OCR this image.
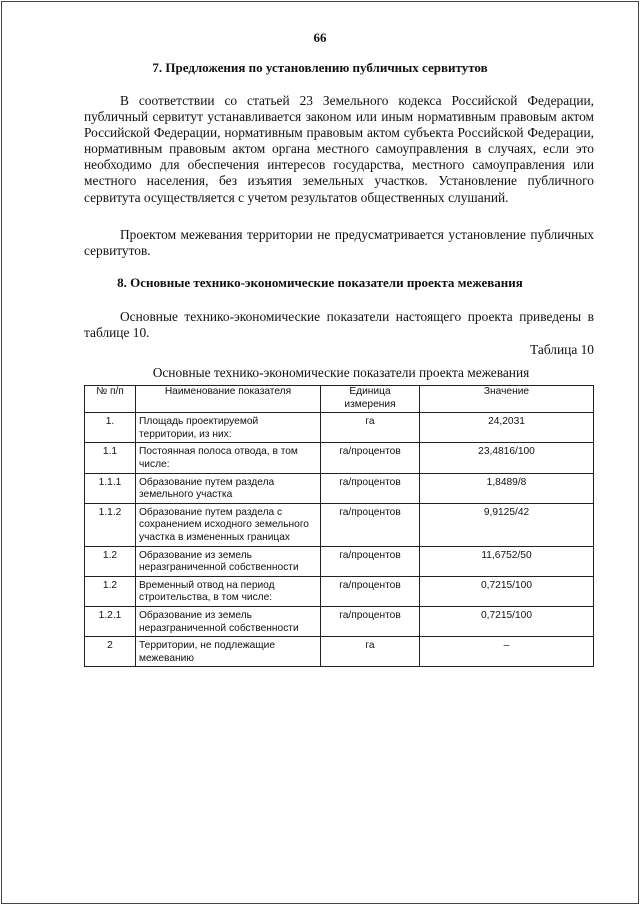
66
7. Предложения по установлению публичных сервитутов

В соответствии со статьей 23 Земельного кодекса Российской Федерации, публичный сервитут устанавливается законом или иным нормативным правовым актом Российской Федерации, нормативным правовым актом субъекта Российской Федерации, нормативным правовым актом органа местного самоуправления в случаях, если это необходимо для обеспечения интересов государства, местного самоуправления или местного населения, без изъятия земельных участков. Установление публичного сервитута осуществляется с учетом результатов общественных слушаний.

Проектом межевания территории не предусматривается установление публичных сервитутов.

8. Основные технико-экономические показатели проекта межевания

Основные технико-экономические показатели настоящего проекта приведены в таблице 10.

Таблица 10
Основные технико-экономические показатели проекта межевания
№ п/п	Наименование показателя	Единица измерения	Значение
1.	Площадь проектируемой территории, из них:	га	24,2031
1.1	Постоянная полоса отвода, в том числе:	га/процентов	23,4816/100
1.1.1	Образование путем раздела земельного участка	га/процентов	1,8489/8
1.1.2	Образование путем раздела с сохранением исходного земельного участка в измененных границах	га/процентов	9,9125/42
1.2	Образование из земель неразграниченной собственности	га/процентов	11,6752/50
1.2	Временный отвод на период строительства, в том числе:	га/процентов	0,7215/100
1.2.1	Образование из земель неразграниченной собственности	га/процентов	0,7215/100
2	Территории, не подлежащие межеванию	га	–
